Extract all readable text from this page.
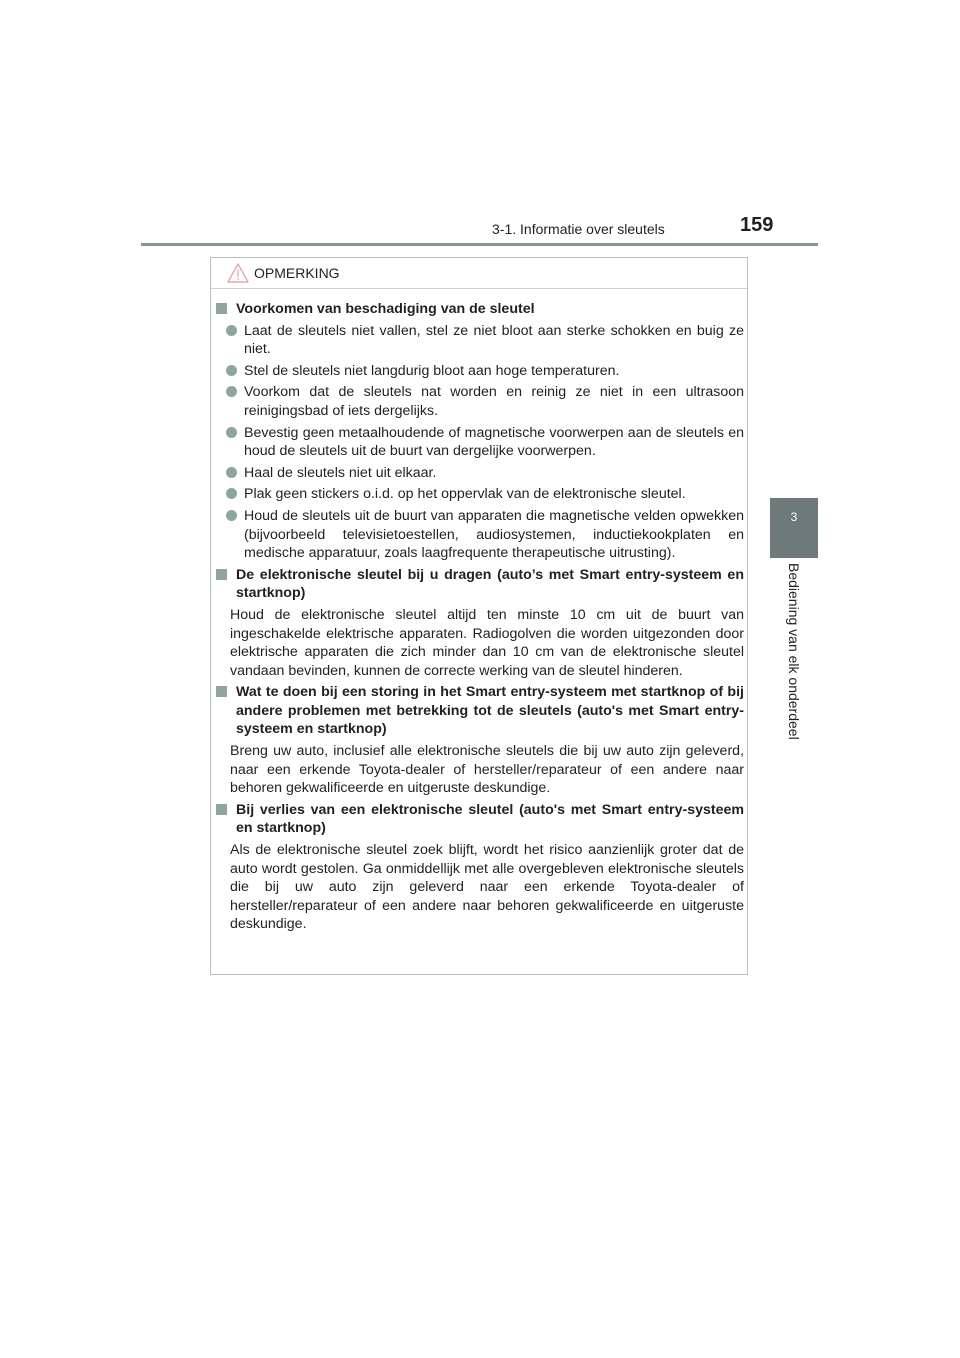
3-1. Informatie over sleutels	159
3
Bediening van elk onderdeel
OPMERKING
Voorkomen van beschadiging van de sleutel
Laat de sleutels niet vallen, stel ze niet bloot aan sterke schokken en buig ze niet.
Stel de sleutels niet langdurig bloot aan hoge temperaturen.
Voorkom dat de sleutels nat worden en reinig ze niet in een ultrasoon reinigingsbad of iets dergelijks.
Bevestig geen metaalhoudende of magnetische voorwerpen aan de sleutels en houd de sleutels uit de buurt van dergelijke voorwerpen.
Haal de sleutels niet uit elkaar.
Plak geen stickers o.i.d. op het oppervlak van de elektronische sleutel.
Houd de sleutels uit de buurt van apparaten die magnetische velden opwekken (bijvoorbeeld televisietoestellen, audiosystemen, inductiekookplaten en medische apparatuur, zoals laagfrequente therapeutische uitrusting).
De elektronische sleutel bij u dragen (auto’s met Smart entry-systeem en startknop)
Houd de elektronische sleutel altijd ten minste 10 cm uit de buurt van ingeschakelde elektrische apparaten. Radiogolven die worden uitgezonden door elektrische apparaten die zich minder dan 10 cm van de elektronische sleutel vandaan bevinden, kunnen de correcte werking van de sleutel hinderen.
Wat te doen bij een storing in het Smart entry-systeem met startknop of bij andere problemen met betrekking tot de sleutels (auto's met Smart entry-systeem en startknop)
Breng uw auto, inclusief alle elektronische sleutels die bij uw auto zijn geleverd, naar een erkende Toyota-dealer of hersteller/reparateur of een andere naar behoren gekwalificeerde en uitgeruste deskundige.
Bij verlies van een elektronische sleutel (auto's met Smart entry-systeem en startknop)
Als de elektronische sleutel zoek blijft, wordt het risico aanzienlijk groter dat de auto wordt gestolen. Ga onmiddellijk met alle overgebleven elektronische sleutels die bij uw auto zijn geleverd naar een erkende Toyota-dealer of hersteller/reparateur of een andere naar behoren gekwalificeerde en uitgeruste deskundige.
